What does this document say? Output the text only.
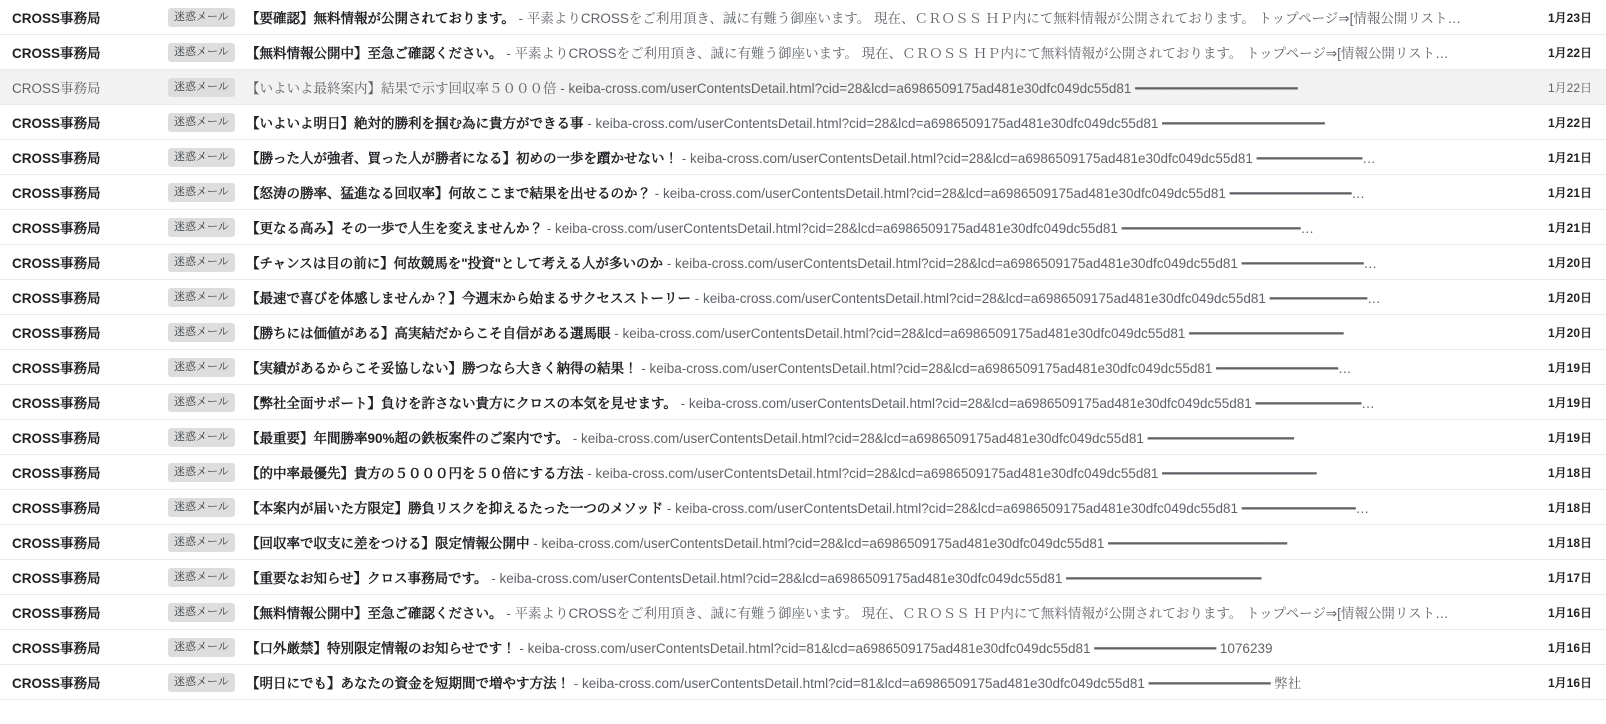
CROSS事務局	迷惑メール	【要確認】無料情報が公開されております。 - 平素よりCROSSをご利用頂き、誠に有難う御座います。 現在、ＣＲＯＳＳ ＨＰ内にて無料情報が公開されております。 トップページ⇒[情報公開リスト…	1月23日
CROSS事務局	迷惑メール	【無料情報公開中】至急ご確認ください。 - 平素よりCROSSをご利用頂き、誠に有難う御座います。 現在、ＣＲＯＳＳ ＨＰ内にて無料情報が公開されております。 トップページ⇒[情報公開リスト…	1月22日
CROSS事務局	迷惑メール	【いよいよ最終案内】結果で示す回収率５０００倍 - keiba-cross.com/userContentsDetail.html?cid=28&lcd=a6986509175ad481e30dfc049dc55d81 ━━━━━━━━━━━━━━━━━━━━	1月22日
CROSS事務局	迷惑メール	【いよいよ明日】絶対的勝利を掴む為に貴方ができる事 - keiba-cross.com/userContentsDetail.html?cid=28&lcd=a6986509175ad481e30dfc049dc55d81 ━━━━━━━━━━━━━━━━━━━━	1月22日
CROSS事務局	迷惑メール	【勝った人が強者、買った人が勝者になる】初めの一歩を躓かせない！ - keiba-cross.com/userContentsDetail.html?cid=28&lcd=a6986509175ad481e30dfc049dc55d81 ━━━━━━━━━━━━━…	1月21日
CROSS事務局	迷惑メール	【怒涛の勝率、猛進なる回収率】何故ここまで結果を出せるのか？ - keiba-cross.com/userContentsDetail.html?cid=28&lcd=a6986509175ad481e30dfc049dc55d81 ━━━━━━━━━━━━━━━…	1月21日
CROSS事務局	迷惑メール	【更なる高み】その一歩で人生を変えませんか？ - keiba-cross.com/userContentsDetail.html?cid=28&lcd=a6986509175ad481e30dfc049dc55d81 ━━━━━━━━━━━━━━━━━━━━━━…	1月21日
CROSS事務局	迷惑メール	【チャンスは目の前に】何故競馬を"投資"として考える人が多いのか - keiba-cross.com/userContentsDetail.html?cid=28&lcd=a6986509175ad481e30dfc049dc55d81 ━━━━━━━━━━━━━━━…	1月20日
CROSS事務局	迷惑メール	【最速で喜びを体感しませんか？】今週末から始まるサクセスストーリー - keiba-cross.com/userContentsDetail.html?cid=28&lcd=a6986509175ad481e30dfc049dc55d81 ━━━━━━━━━━━━…	1月20日
CROSS事務局	迷惑メール	【勝ちには価値がある】高実結だからこそ自信がある選馬眼 - keiba-cross.com/userContentsDetail.html?cid=28&lcd=a6986509175ad481e30dfc049dc55d81 ━━━━━━━━━━━━━━━━━━━	1月20日
CROSS事務局	迷惑メール	【実績があるからこそ妥協しない】勝つなら大きく納得の結果！ - keiba-cross.com/userContentsDetail.html?cid=28&lcd=a6986509175ad481e30dfc049dc55d81 ━━━━━━━━━━━━━━━…	1月19日
CROSS事務局	迷惑メール	【弊社全面サポート】負けを許さない貴方にクロスの本気を見せます。 - keiba-cross.com/userContentsDetail.html?cid=28&lcd=a6986509175ad481e30dfc049dc55d81 ━━━━━━━━━━━━━…	1月19日
CROSS事務局	迷惑メール	【最重要】年間勝率90%超の鉄板案件のご案内です。 - keiba-cross.com/userContentsDetail.html?cid=28&lcd=a6986509175ad481e30dfc049dc55d81 ━━━━━━━━━━━━━━━━━━	1月19日
CROSS事務局	迷惑メール	【的中率最優先】貴方の５０００円を５０倍にする方法 - keiba-cross.com/userContentsDetail.html?cid=28&lcd=a6986509175ad481e30dfc049dc55d81 ━━━━━━━━━━━━━━━━━━━	1月18日
CROSS事務局	迷惑メール	【本案内が届いた方限定】勝負リスクを抑えるたった一つのメソッド - keiba-cross.com/userContentsDetail.html?cid=28&lcd=a6986509175ad481e30dfc049dc55d81 ━━━━━━━━━━━━━━…	1月18日
CROSS事務局	迷惑メール	【回収率で収支に差をつける】限定情報公開中 - keiba-cross.com/userContentsDetail.html?cid=28&lcd=a6986509175ad481e30dfc049dc55d81 ━━━━━━━━━━━━━━━━━━━━━━	1月18日
CROSS事務局	迷惑メール	【重要なお知らせ】クロス事務局です。 - keiba-cross.com/userContentsDetail.html?cid=28&lcd=a6986509175ad481e30dfc049dc55d81 ━━━━━━━━━━━━━━━━━━━━━━━━	1月17日
CROSS事務局	迷惑メール	【無料情報公開中】至急ご確認ください。 - 平素よりCROSSをご利用頂き、誠に有難う御座います。 現在、ＣＲＯＳＳ ＨＰ内にて無料情報が公開されております。 トップページ⇒[情報公開リスト…	1月16日
CROSS事務局	迷惑メール	【口外厳禁】特別限定情報のお知らせです！ - keiba-cross.com/userContentsDetail.html?cid=81&lcd=a6986509175ad481e30dfc049dc55d81 ━━━━━━━━━━━━━━━ 1076239	1月16日
CROSS事務局	迷惑メール	【明日にでも】あなたの資金を短期間で増やす方法！ - keiba-cross.com/userContentsDetail.html?cid=81&lcd=a6986509175ad481e30dfc049dc55d81 ━━━━━━━━━━━━━━━ 弊社	1月16日
